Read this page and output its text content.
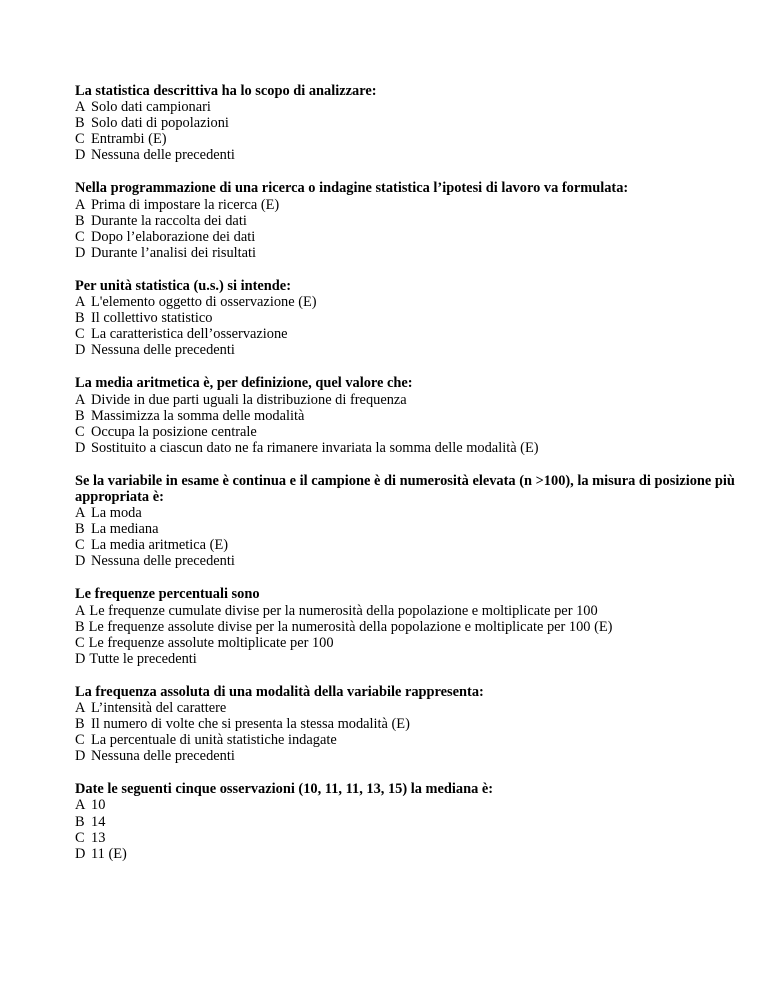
La statistica descrittiva ha lo scopo di analizzare:
A Solo dati campionari
B Solo dati di popolazioni
C Entrambi (E)
D Nessuna delle precedenti
Nella programmazione di una ricerca o indagine statistica l’ipotesi di lavoro va formulata:
A Prima di impostare la ricerca (E)
B Durante la raccolta dei dati
C Dopo l’elaborazione dei dati
D Durante l’analisi dei risultati
Per unità statistica (u.s.) si intende:
A L'elemento oggetto di osservazione (E)
B Il collettivo statistico
C La caratteristica dell’osservazione
D Nessuna delle precedenti
La media aritmetica è, per definizione, quel valore che:
A Divide in due parti uguali la distribuzione di frequenza
B Massimizza la somma delle modalità
C Occupa la posizione centrale
D Sostituito a ciascun dato ne fa rimanere invariata la somma delle modalità (E)
Se la variabile in esame è continua e il campione è di numerosità elevata (n >100), la misura di posizione più appropriata è:
A La moda
B La mediana
C La media aritmetica (E)
D Nessuna delle precedenti
Le frequenze percentuali sono
A Le frequenze cumulate divise per la numerosità della popolazione e moltiplicate per 100
B Le frequenze assolute divise per la numerosità della popolazione e moltiplicate per 100 (E)
C Le frequenze assolute moltiplicate per 100
D Tutte le precedenti
La frequenza assoluta di una modalità della variabile rappresenta:
A L’intensità del carattere
B Il numero di volte che si presenta la stessa modalità (E)
C La percentuale di unità statistiche indagate
D Nessuna delle precedenti
Date le seguenti cinque osservazioni (10, 11, 11, 13, 15) la mediana è:
A 10
B 14
C 13
D 11 (E)
